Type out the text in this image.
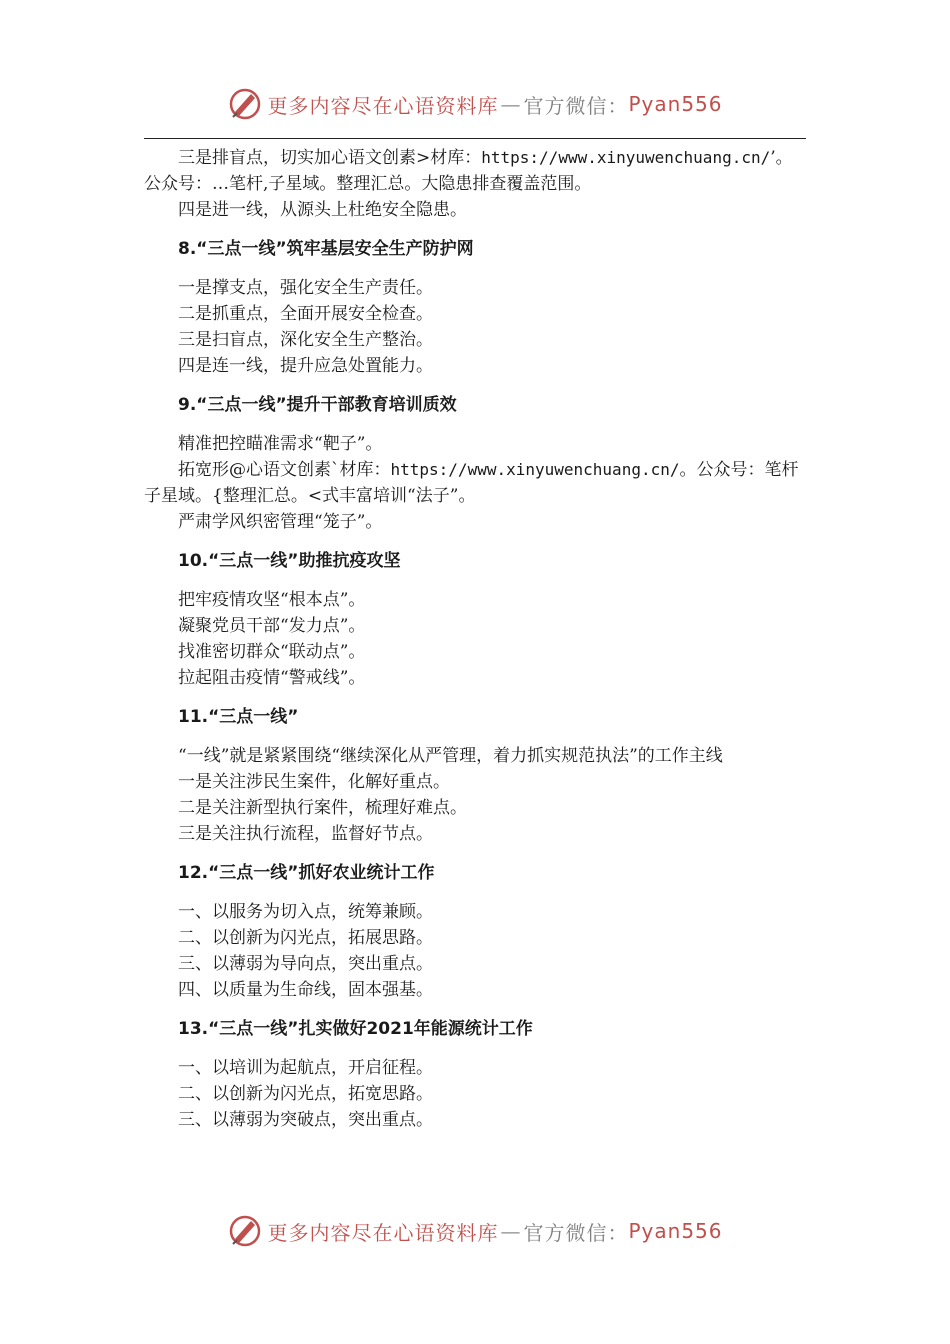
更多内容尽在心语资料库 — 官方微信： Pyan556

三是排盲点，切实加心语文创素>材库：https://www.xinyuwenchuang.cn/’。公众号：…笔杆,子星域。整理汇总。大隐患排查覆盖范围。

四是进一线，从源头上杜绝安全隐患。

8.“三点一线”筑牢基层安全生产防护网

一是撑支点，强化安全生产责任。

二是抓重点，全面开展安全检查。

三是扫盲点，深化安全生产整治。

四是连一线，提升应急处置能力。

9.“三点一线”提升干部教育培训质效

精准把控瞄准需求“靶子”。

拓宽形@心语文创素`材库：https://www.xinyuwenchuang.cn/。公众号：笔杆子星域。{整理汇总。<式丰富培训“法子”。

严肃学风织密管理“笼子”。

10.“三点一线”助推抗疫攻坚

把牢疫情攻坚“根本点”。

凝聚党员干部“发力点”。

找准密切群众“联动点”。

拉起阻击疫情“警戒线”。

11.“三点一线”

“一线”就是紧紧围绕“继续深化从严管理，着力抓实规范执法”的工作主线

一是关注涉民生案件，化解好重点。

二是关注新型执行案件，梳理好难点。

三是关注执行流程，监督好节点。

12.“三点一线”抓好农业统计工作

一、以服务为切入点，统筹兼顾。

二、以创新为闪光点，拓展思路。

三、以薄弱为导向点，突出重点。

四、以质量为生命线，固本强基。

13.“三点一线”扎实做好2021年能源统计工作

一、以培训为起航点，开启征程。

二、以创新为闪光点，拓宽思路。

三、以薄弱为突破点，突出重点。

更多内容尽在心语资料库 — 官方微信： Pyan556
